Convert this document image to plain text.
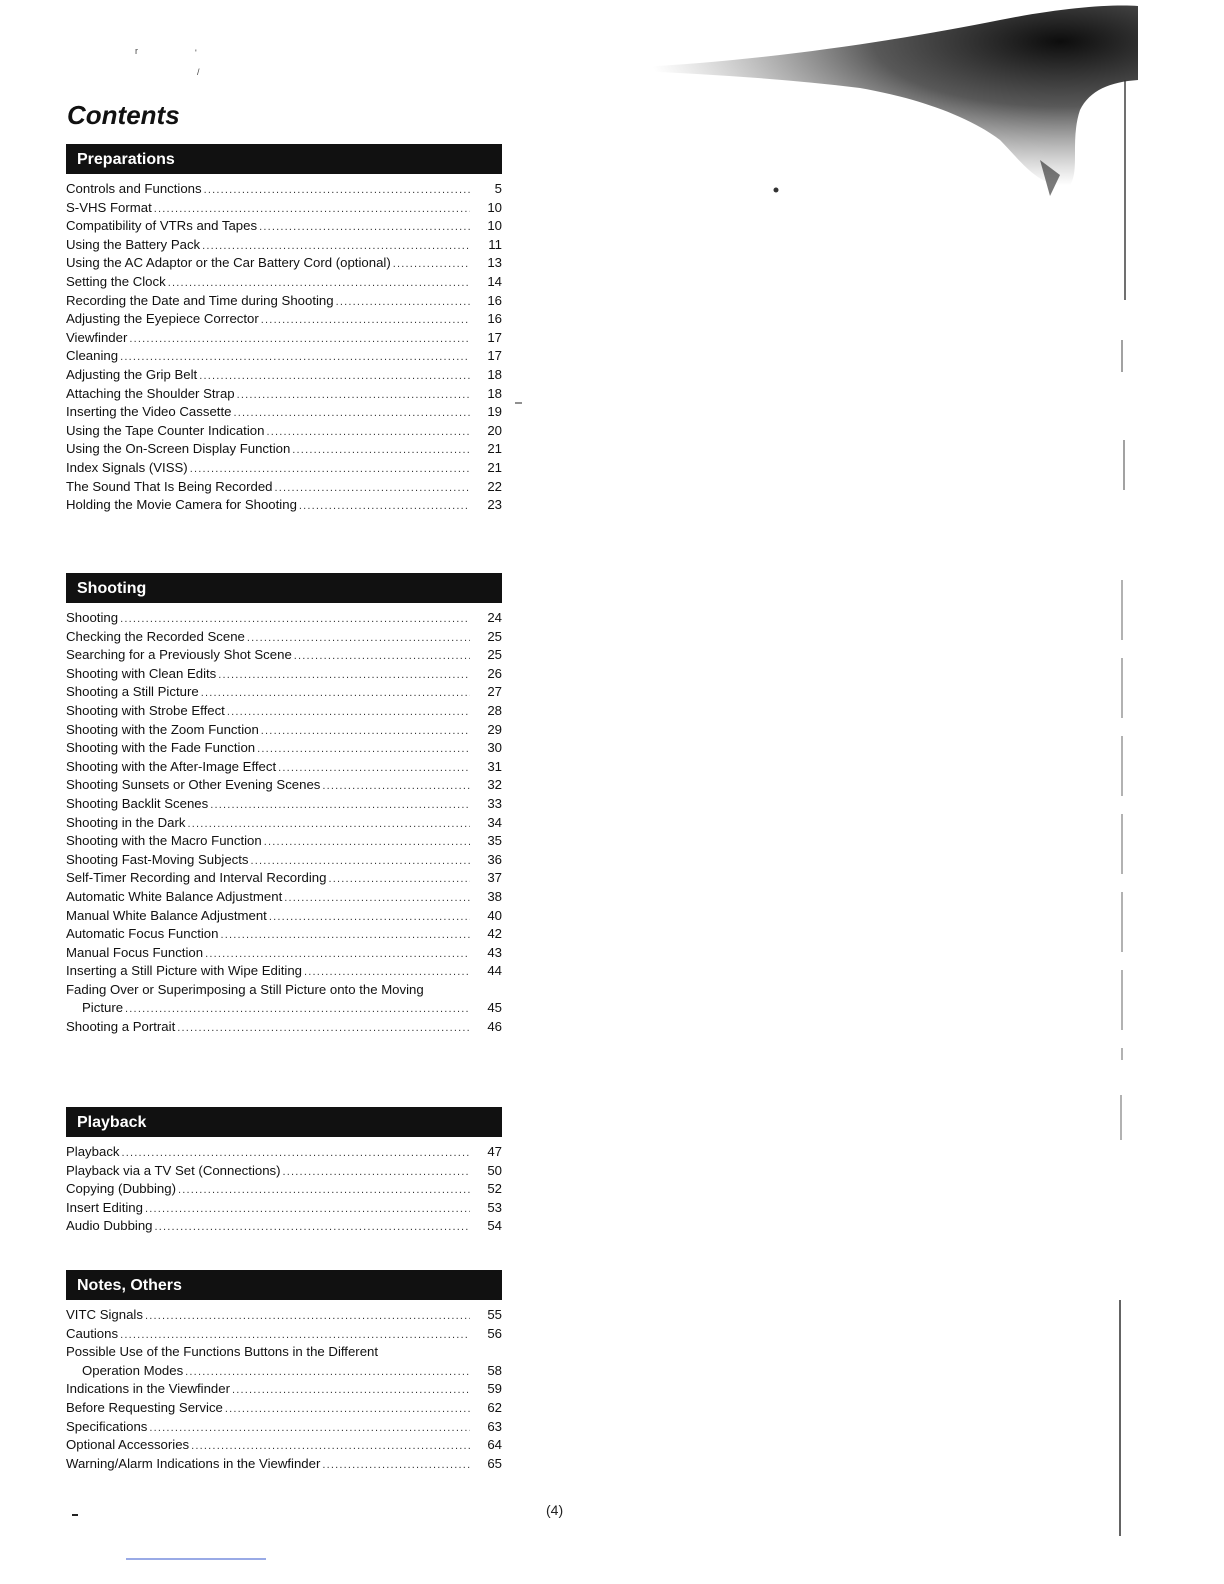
r	'
/
Contents
Preparations
Controls and Functions .....	5
S-VHS Format .....	10
Compatibility of VTRs and Tapes .....	10
Using the Battery Pack .....	11
Using the AC Adaptor or the Car Battery Cord (optional) .....	13
Setting the Clock .....	14
Recording the Date and Time during Shooting .....	16
Adjusting the Eyepiece Corrector .....	16
Viewfinder .....	17
Cleaning .....	17
Adjusting the Grip Belt .....	18
Attaching the Shoulder Strap .....	18
Inserting the Video Cassette .....	19
Using the Tape Counter Indication .....	20
Using the On-Screen Display Function .....	21
Index Signals (VISS) .....	21
The Sound That Is Being Recorded .....	22
Holding the Movie Camera for Shooting .....	23
Shooting
Shooting .....	24
Checking the Recorded Scene .....	25
Searching for a Previously Shot Scene .....	25
Shooting with Clean Edits .....	26
Shooting a Still Picture .....	27
Shooting with Strobe Effect .....	28
Shooting with the Zoom Function .....	29
Shooting with the Fade Function .....	30
Shooting with the After-Image Effect .....	31
Shooting Sunsets or Other Evening Scenes .....	32
Shooting Backlit Scenes .....	33
Shooting in the Dark .....	34
Shooting with the Macro Function .....	35
Shooting Fast-Moving Subjects .....	36
Self-Timer Recording and Interval Recording .....	37
Automatic White Balance Adjustment .....	38
Manual White Balance Adjustment .....	40
Automatic Focus Function .....	42
Manual Focus Function .....	43
Inserting a Still Picture with Wipe Editing .....	44
Fading Over or Superimposing a Still Picture onto the Moving
Picture .....	45
Shooting a Portrait .....	46
Playback
Playback .....	47
Playback via a TV Set (Connections) .....	50
Copying (Dubbing) .....	52
Insert Editing .....	53
Audio Dubbing .....	54
Notes, Others
VITC Signals .....	55
Cautions .....	56
Possible Use of the Functions Buttons in the Different
Operation Modes .....	58
Indications in the Viewfinder .....	59
Before Requesting Service .....	62
Specifications .....	63
Optional Accessories .....	64
Warning/Alarm Indications in the Viewfinder .....	65
(4)
